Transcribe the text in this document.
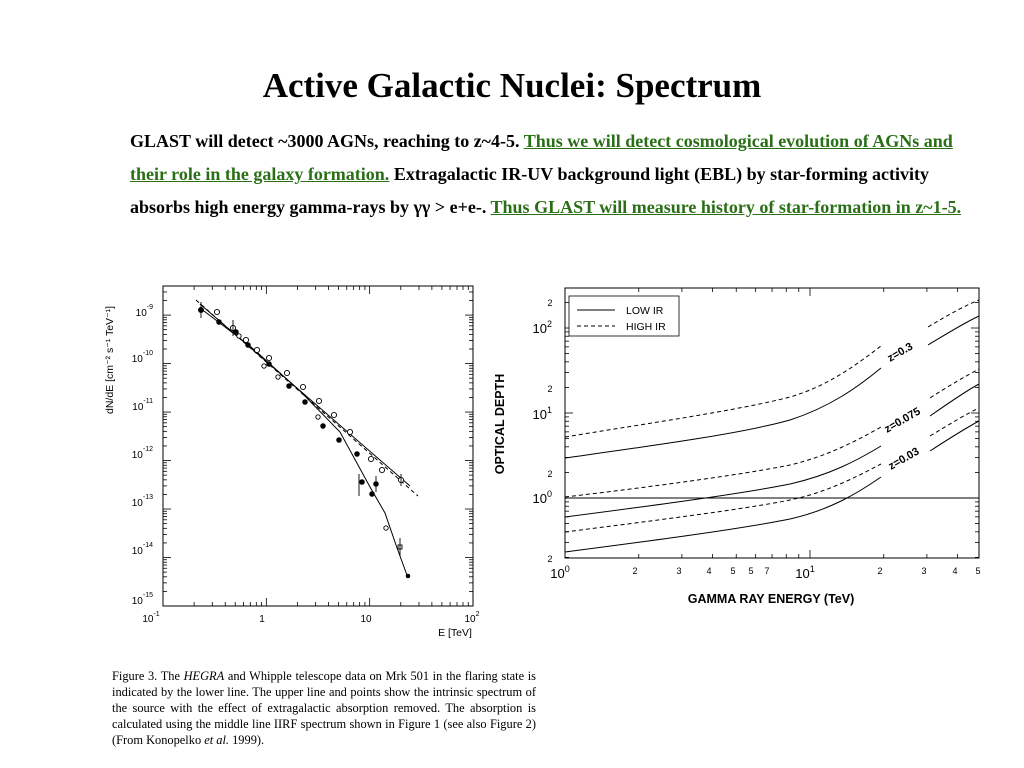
Active Galactic Nuclei: Spectrum
GLAST will detect ~3000 AGNs, reaching to z~4-5. Thus we will detect cosmological evolution of AGNs and their role in the galaxy formation. Extragalactic IR-UV background light (EBL) by star-forming activity absorbs high energy gamma-rays by γγ > e+e-. Thus GLAST will measure history of star-formation in z~1-5.
$10^{-9}$
$10^{-10}$
$10^{-11}$
$10^{-12}$
$10^{-13}$
$10^{-14}$
$10^{-15}$
$10^{-1}$	1	10	$10^2$
E [TeV]
dN/dE [cm⁻² s⁻¹ TeV⁻¹]
OPTICAL DEPTH
GAMMA RAY ENERGY (TeV)
$10^2$
$10^1$
$10^0$
2
2
2
2
$10^0$	$10^1$
2	3	4 5 5 7	2	3	4 5
LOW IR
HIGH IR
z=0.3
z=0.075
z=0.03
Figure 3. The HEGRA and Whipple telescope data on Mrk 501 in the flaring state is indicated by the lower line. The upper line and points show the intrinsic spectrum of the source with the effect of extragalactic absorption removed. The absorption is calculated using the middle line IIRF spectrum shown in Figure 1 (see also Figure 2) (From Konopelko et al. 1999).
